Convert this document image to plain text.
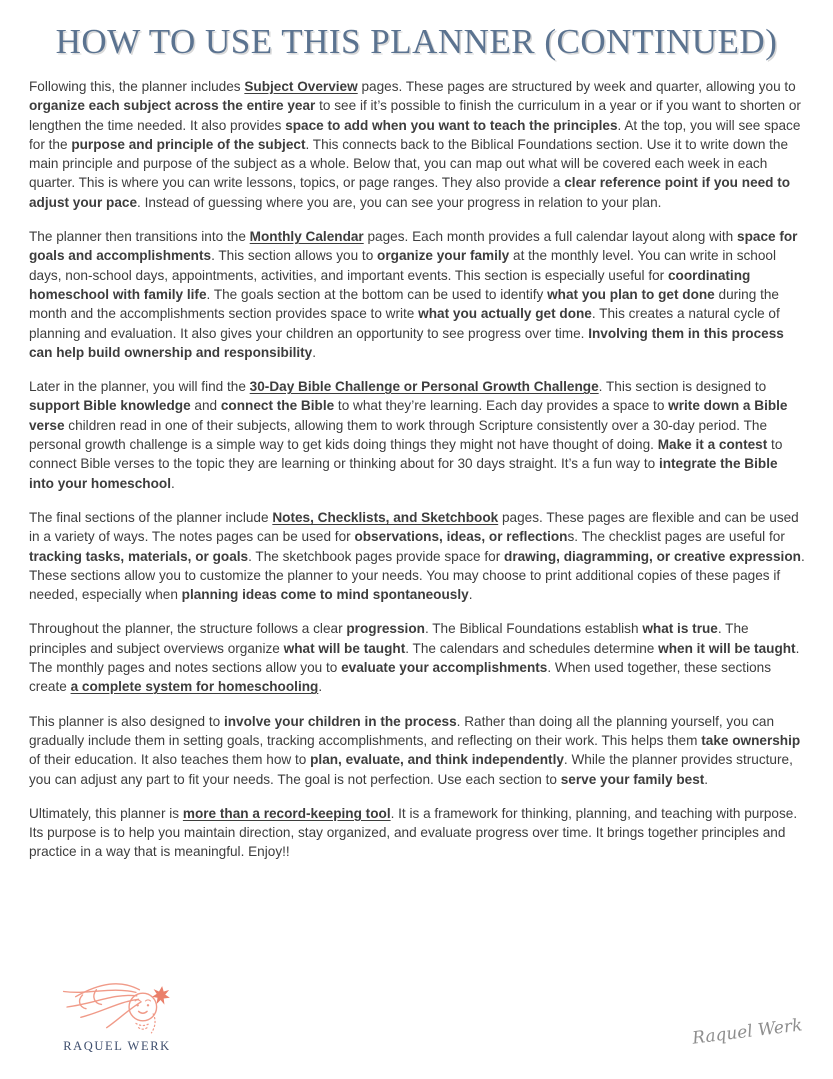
HOW TO USE THIS PLANNER (CONTINUED)

Following this, the planner includes Subject Overview pages. These pages are structured by week and quarter, allowing you to organize each subject across the entire year to see if it’s possible to finish the curriculum in a year or if you want to shorten or lengthen the time needed. It also provides space to add when you want to teach the principles. At the top, you will see space for the purpose and principle of the subject. This connects back to the Biblical Foundations section. Use it to write down the main principle and purpose of the subject as a whole. Below that, you can map out what will be covered each week in each quarter. This is where you can write lessons, topics, or page ranges. They also provide a clear reference point if you need to adjust your pace. Instead of guessing where you are, you can see your progress in relation to your plan.

The planner then transitions into the Monthly Calendar pages. Each month provides a full calendar layout along with space for goals and accomplishments. This section allows you to organize your family at the monthly level. You can write in school days, non-school days, appointments, activities, and important events. This section is especially useful for coordinating homeschool with family life. The goals section at the bottom can be used to identify what you plan to get done during the month and the accomplishments section provides space to write what you actually get done. This creates a natural cycle of planning and evaluation. It also gives your children an opportunity to see progress over time. Involving them in this process can help build ownership and responsibility.

Later in the planner, you will find the 30-Day Bible Challenge or Personal Growth Challenge. This section is designed to support Bible knowledge and connect the Bible to what they’re learning. Each day provides a space to write down a Bible verse children read in one of their subjects, allowing them to work through Scripture consistently over a 30-day period. The personal growth challenge is a simple way to get kids doing things they might not have thought of doing. Make it a contest to connect Bible verses to the topic they are learning or thinking about for 30 days straight. It’s a fun way to integrate the Bible into your homeschool.

The final sections of the planner include Notes, Checklists, and Sketchbook pages. These pages are flexible and can be used in a variety of ways. The notes pages can be used for observations, ideas, or reflections. The checklist pages are useful for tracking tasks, materials, or goals. The sketchbook pages provide space for drawing, diagramming, or creative expression. These sections allow you to customize the planner to your needs. You may choose to print additional copies of these pages if needed, especially when planning ideas come to mind spontaneously.

Throughout the planner, the structure follows a clear progression. The Biblical Foundations establish what is true. The principles and subject overviews organize what will be taught. The calendars and schedules determine when it will be taught. The monthly pages and notes sections allow you to evaluate your accomplishments. When used together, these sections create a complete system for homeschooling.

This planner is also designed to involve your children in the process. Rather than doing all the planning yourself, you can gradually include them in setting goals, tracking accomplishments, and reflecting on their work. This helps them take ownership of their education. It also teaches them how to plan, evaluate, and think independently. While the planner provides structure, you can adjust any part to fit your needs. The goal is not perfection. Use each section to serve your family best.

Ultimately, this planner is more than a record-keeping tool. It is a framework for thinking, planning, and teaching with purpose. Its purpose is to help you maintain direction, stay organized, and evaluate progress over time. It brings together principles and practice in a way that is meaningful. Enjoy!!

RAQUEL WERK	Raquel Werk
